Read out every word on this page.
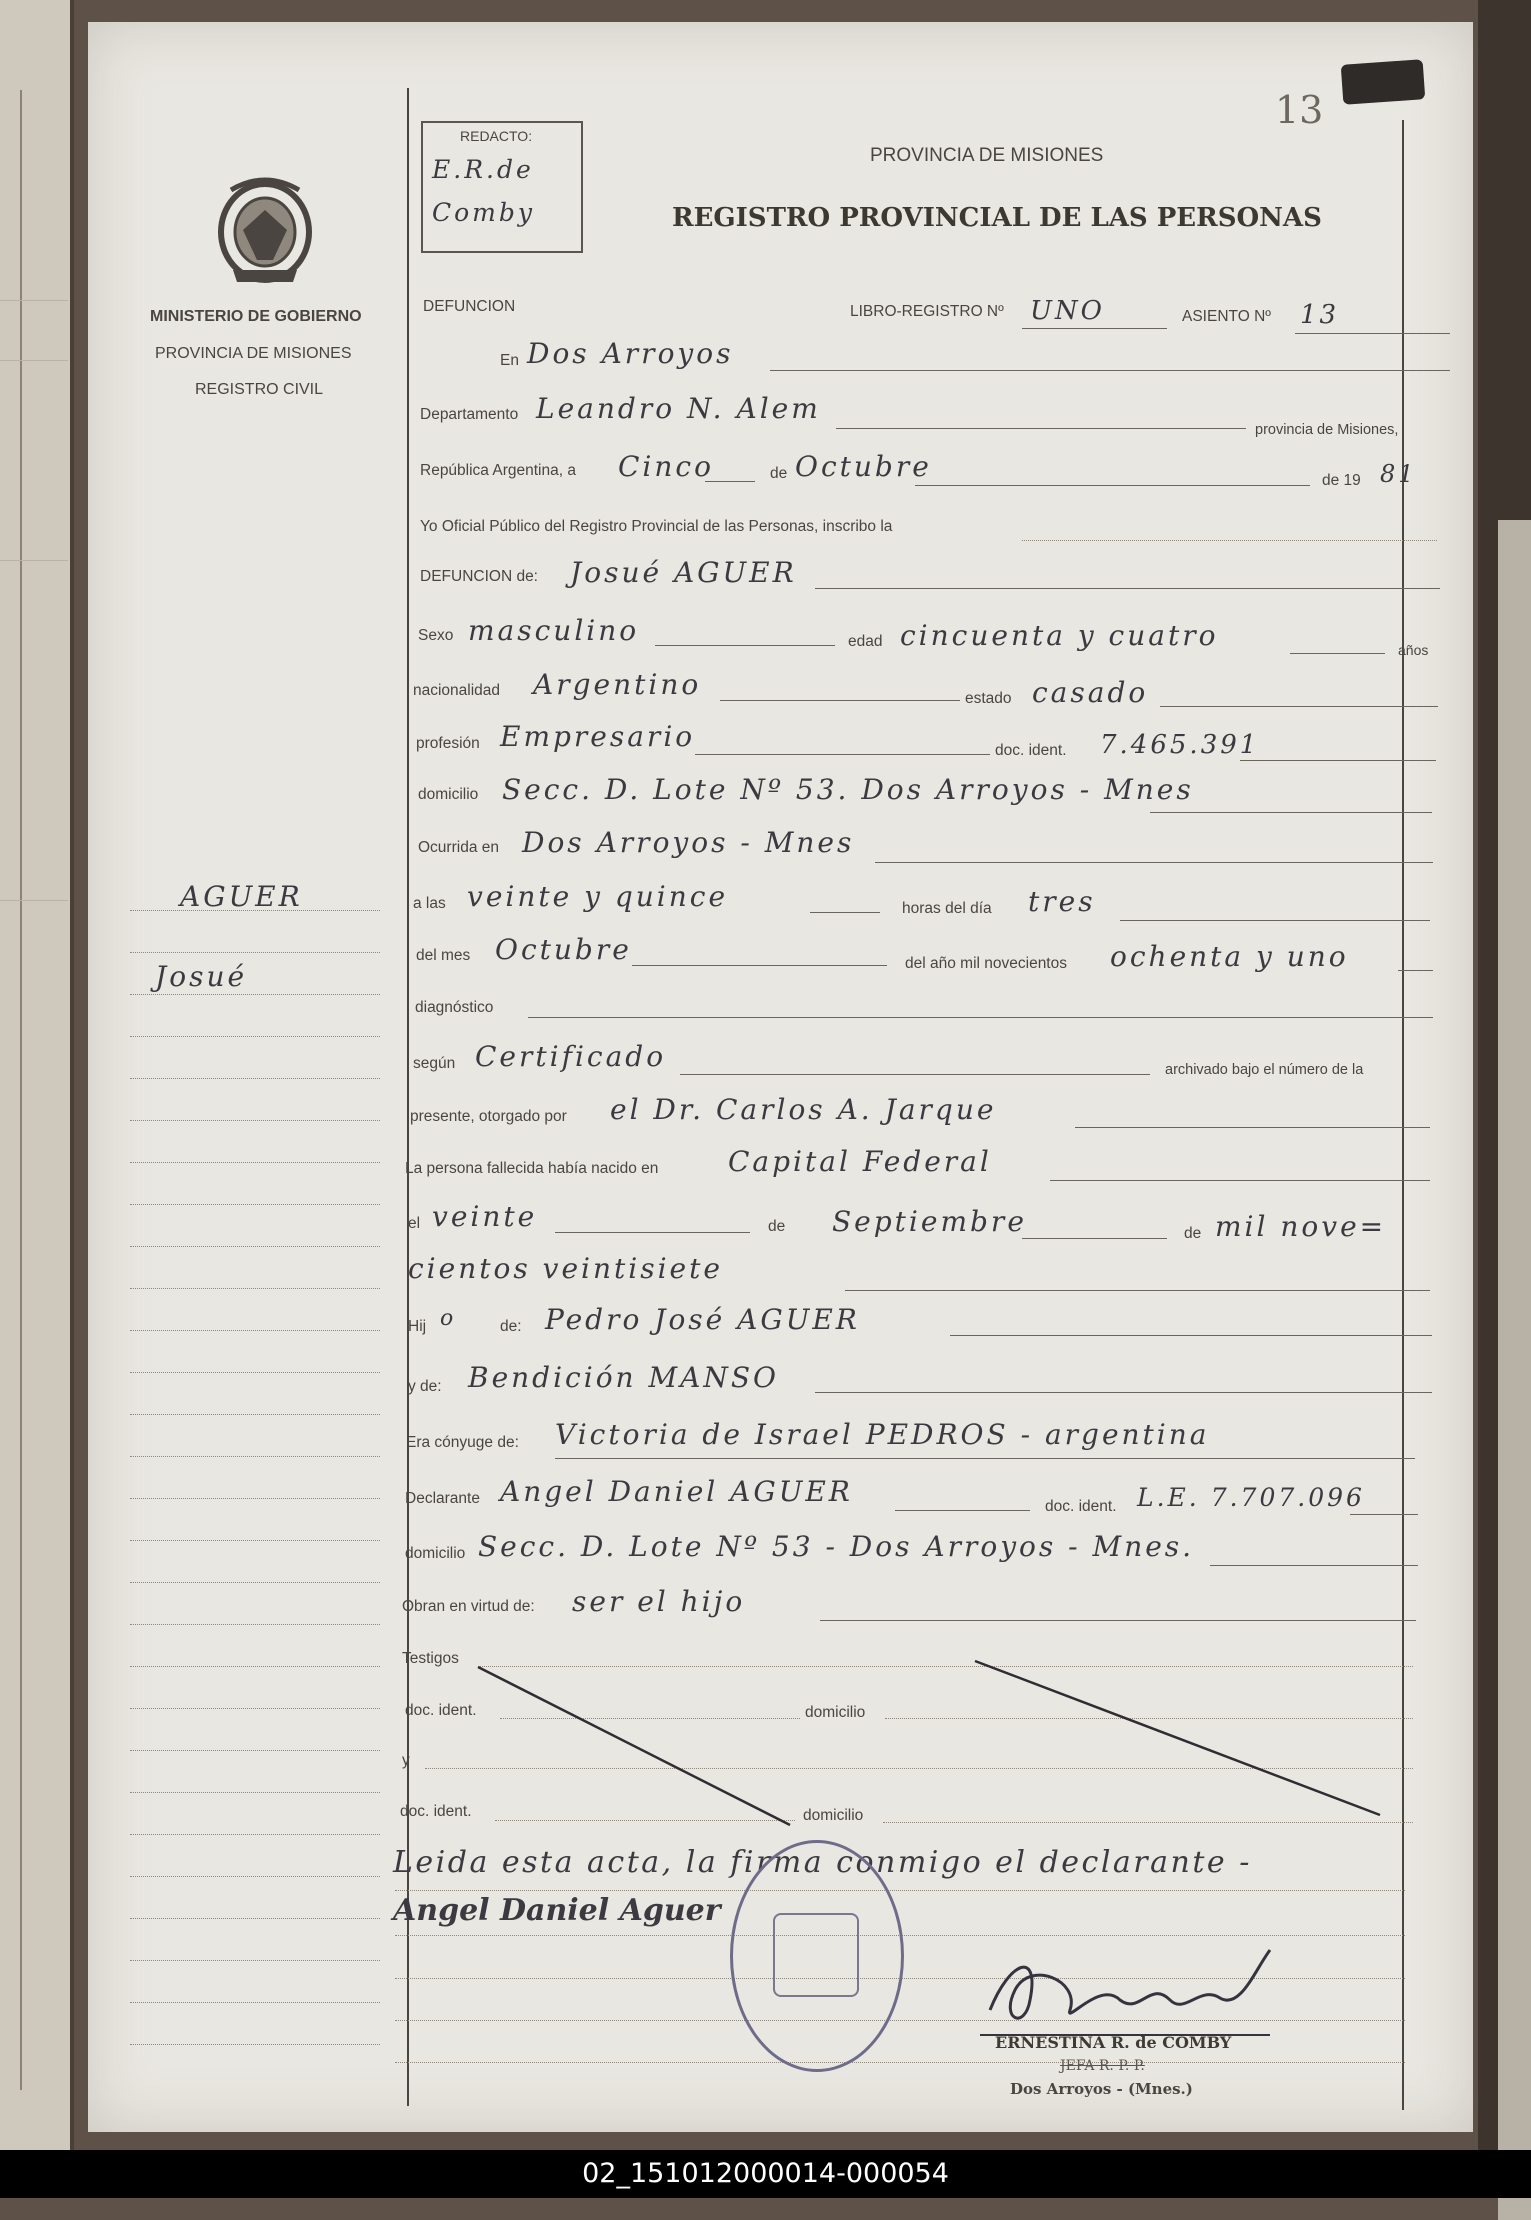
13
MINISTERIO DE GOBIERNO
PROVINCIA DE MISIONES
REGISTRO CIVIL
REDACTO:
E.R.de
Comby
PROVINCIA DE MISIONES
REGISTRO PROVINCIAL DE LAS PERSONAS
DEFUNCION	LIBRO-REGISTRO Nº UNO	ASIENTO Nº 13
AGUER
Josué
En Dos Arroyos
Departamento Leandro N. Alem
provincia de Misiones,
República Argentina, a Cinco	de Octubre	de 19 81
Yo Oficial Público del Registro Provincial de las Personas, inscribo la
DEFUNCION de: Josué AGUER
Sexo masculino	edad cincuenta y cuatro	años
nacionalidad Argentino	estado casado
profesión Empresario	doc. ident. 7.465.391
domicilio Secc. D. Lote Nº 53. Dos Arroyos - Mnes
Ocurrida en Dos Arroyos - Mnes
a las veinte y quince	horas del día tres
del mes Octubre	del año mil novecientos ochenta y uno
diagnóstico
según Certificado	archivado bajo el número de la
presente, otorgado por el Dr. Carlos A. Jarque
La persona fallecida había nacido en Capital Federal
el veinte	de Septiembre	de mil nove=
cientos veintisiete
Hij o	de: Pedro José AGUER
y de: Bendición MANSO
Era cónyuge de: Victoria de Israel PEDROS - argentina
Declarante Angel Daniel AGUER	doc. ident. L.E. 7.707.096
domicilio Secc. D. Lote Nº 53 - Dos Arroyos - Mnes.
Obran en virtud de: ser el hijo
Testigos
doc. ident.	domicilio
y
doc. ident.	domicilio
Leida esta acta, la firma conmigo el declarante -
Angel Daniel Aguer
ERNESTINA R. de COMBY
JEFA R. P. P.
Dos Arroyos - (Mnes.)
02_151012000014-000054
